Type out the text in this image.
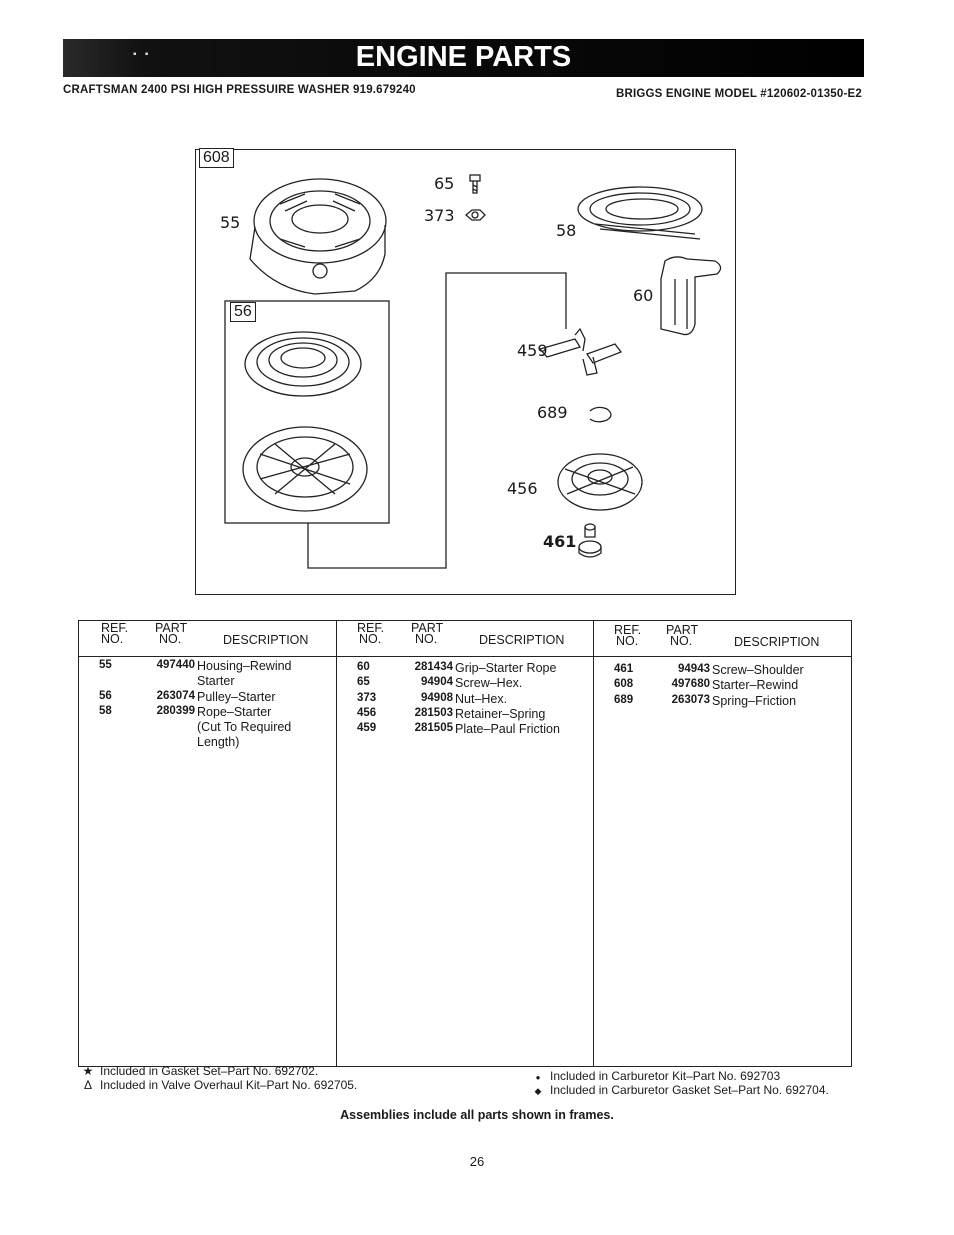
▪   ▪	ENGINE PARTS
CRAFTSMAN 2400 PSI HIGH PRESSUIRE WASHER 919.679240	BRIGGS ENGINE MODEL #120602-01350-E2
608
56
55
65
373
58
60
459
689
456
461
REF.
NO.
PART
NO.	DESCRIPTION
55	497440 Housing–Rewind
Starter
56	263074 Pulley–Starter
58	280399 Rope–Starter
(Cut To Required
Length)
REF.
NO.
PART
NO.	DESCRIPTION
60	281434 Grip–Starter Rope
65	94904 Screw–Hex.
373	94908 Nut–Hex.
456	281503 Retainer–Spring
459	281505 Plate–Paul Friction
REF.
NO.
PART
NO.	DESCRIPTION
461	94943 Screw–Shoulder
608	497680 Starter–Rewind
689	263073 Spring–Friction
★ Included in Gasket Set–Part No. 692702.
Δ Included in Valve Overhaul Kit–Part No. 692705.
● Included in Carburetor Kit–Part No. 692703
◆ Included in Carburetor Gasket Set–Part No. 692704.
Assemblies include all parts shown in frames.
26
